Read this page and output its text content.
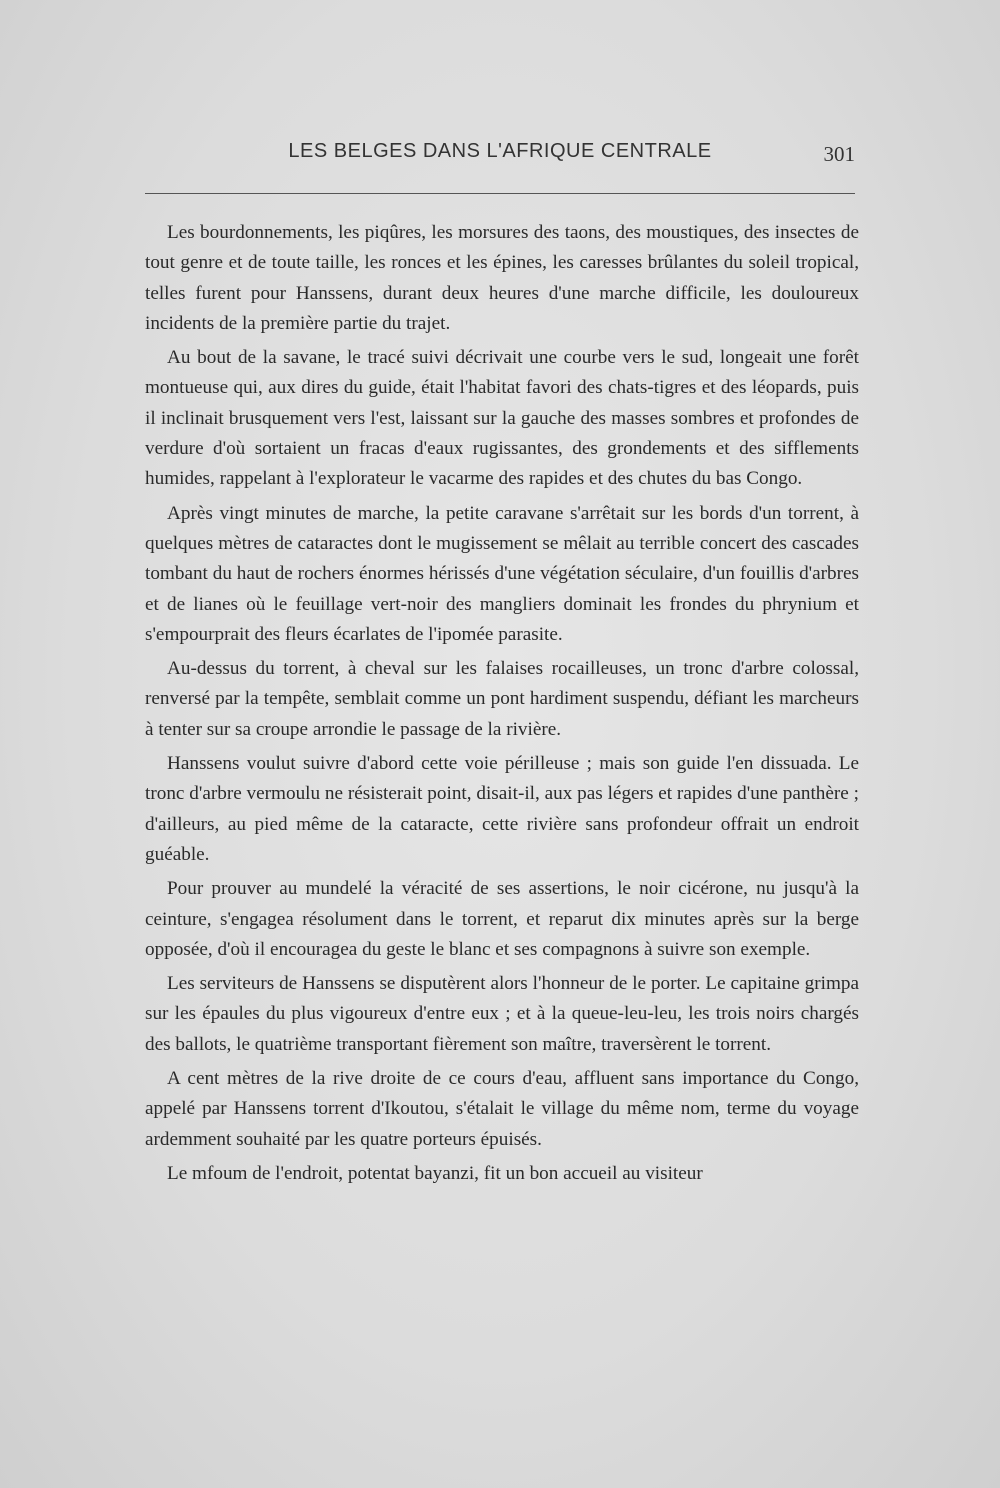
LES BELGES DANS L'AFRIQUE CENTRALE	301

Les bourdonnements, les piqûres, les morsures des taons, des moustiques, des insectes de tout genre et de toute taille, les ronces et les épines, les caresses brûlantes du soleil tropical, telles furent pour Hanssens, durant deux heures d'une marche difficile, les douloureux incidents de la première partie du trajet.

Au bout de la savane, le tracé suivi décrivait une courbe vers le sud, longeait une forêt montueuse qui, aux dires du guide, était l'habitat favori des chats-tigres et des léopards, puis il inclinait brusquement vers l'est, laissant sur la gauche des masses sombres et profondes de verdure d'où sortaient un fracas d'eaux rugissantes, des grondements et des sifflements humides, rappelant à l'explorateur le vacarme des rapides et des chutes du bas Congo.

Après vingt minutes de marche, la petite caravane s'arrêtait sur les bords d'un torrent, à quelques mètres de cataractes dont le mugissement se mêlait au terrible concert des cascades tombant du haut de rochers énormes hérissés d'une végétation séculaire, d'un fouillis d'arbres et de lianes où le feuillage vert-noir des mangliers dominait les frondes du phrynium et s'empourprait des fleurs écarlates de l'ipomée parasite.

Au-dessus du torrent, à cheval sur les falaises rocailleuses, un tronc d'arbre colossal, renversé par la tempête, semblait comme un pont hardiment suspendu, défiant les marcheurs à tenter sur sa croupe arrondie le passage de la rivière.

Hanssens voulut suivre d'abord cette voie périlleuse ; mais son guide l'en dissuada. Le tronc d'arbre vermoulu ne résisterait point, disait-il, aux pas légers et rapides d'une panthère ; d'ailleurs, au pied même de la cataracte, cette rivière sans profondeur offrait un endroit guéable.

Pour prouver au mundelé la véracité de ses assertions, le noir cicérone, nu jusqu'à la ceinture, s'engagea résolument dans le torrent, et reparut dix minutes après sur la berge opposée, d'où il encouragea du geste le blanc et ses compagnons à suivre son exemple.

Les serviteurs de Hanssens se disputèrent alors l'honneur de le porter. Le capitaine grimpa sur les épaules du plus vigoureux d'entre eux ; et à la queue-leu-leu, les trois noirs chargés des ballots, le quatrième transportant fièrement son maître, traversèrent le torrent.

A cent mètres de la rive droite de ce cours d'eau, affluent sans importance du Congo, appelé par Hanssens torrent d'Ikoutou, s'étalait le village du même nom, terme du voyage ardemment souhaité par les quatre porteurs épuisés.

Le mfoum de l'endroit, potentat bayanzi, fit un bon accueil au visiteur
